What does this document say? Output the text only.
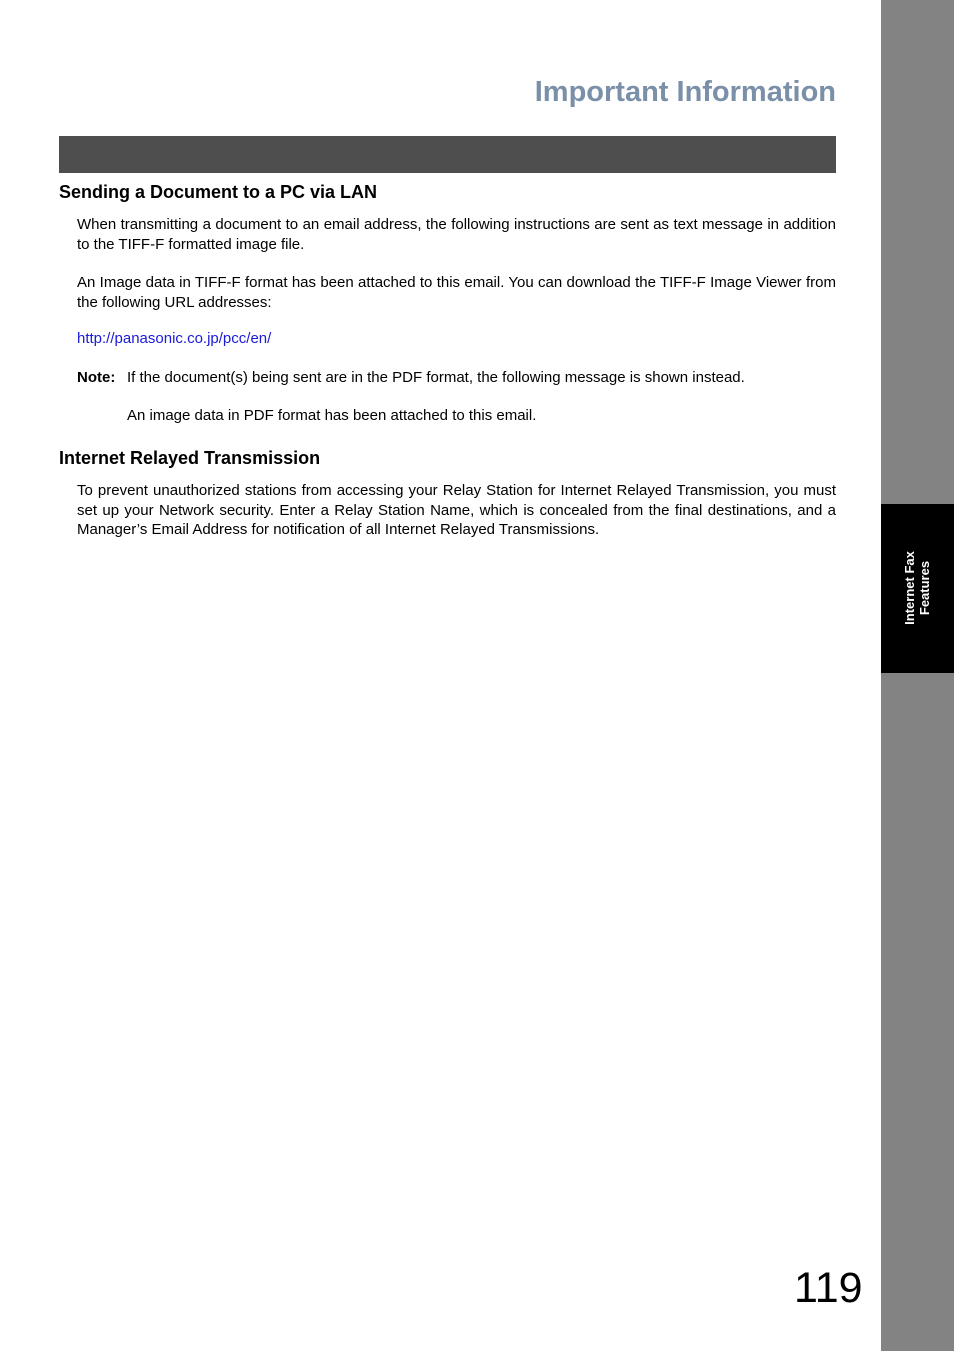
Important Information
Internet Fax Features
Sending a Document to a PC via LAN

When transmitting a document to an email address, the following instructions are sent as text message in addition to the TIFF-F formatted image file.

An Image data in TIFF-F format has been attached to this email. You can download the TIFF-F Image Viewer from the following URL addresses:

http://panasonic.co.jp/pcc/en/
Note: If the document(s) being sent are in the PDF format, the following message is shown instead.
An image data in PDF format has been attached to this email.
Internet Relayed Transmission

To prevent unauthorized stations from accessing your Relay Station for Internet Relayed Transmission, you must set up your Network security. Enter a Relay Station Name, which is concealed from the final destinations, and a Manager’s Email Address for notification of all Internet Relayed Transmissions.

119
